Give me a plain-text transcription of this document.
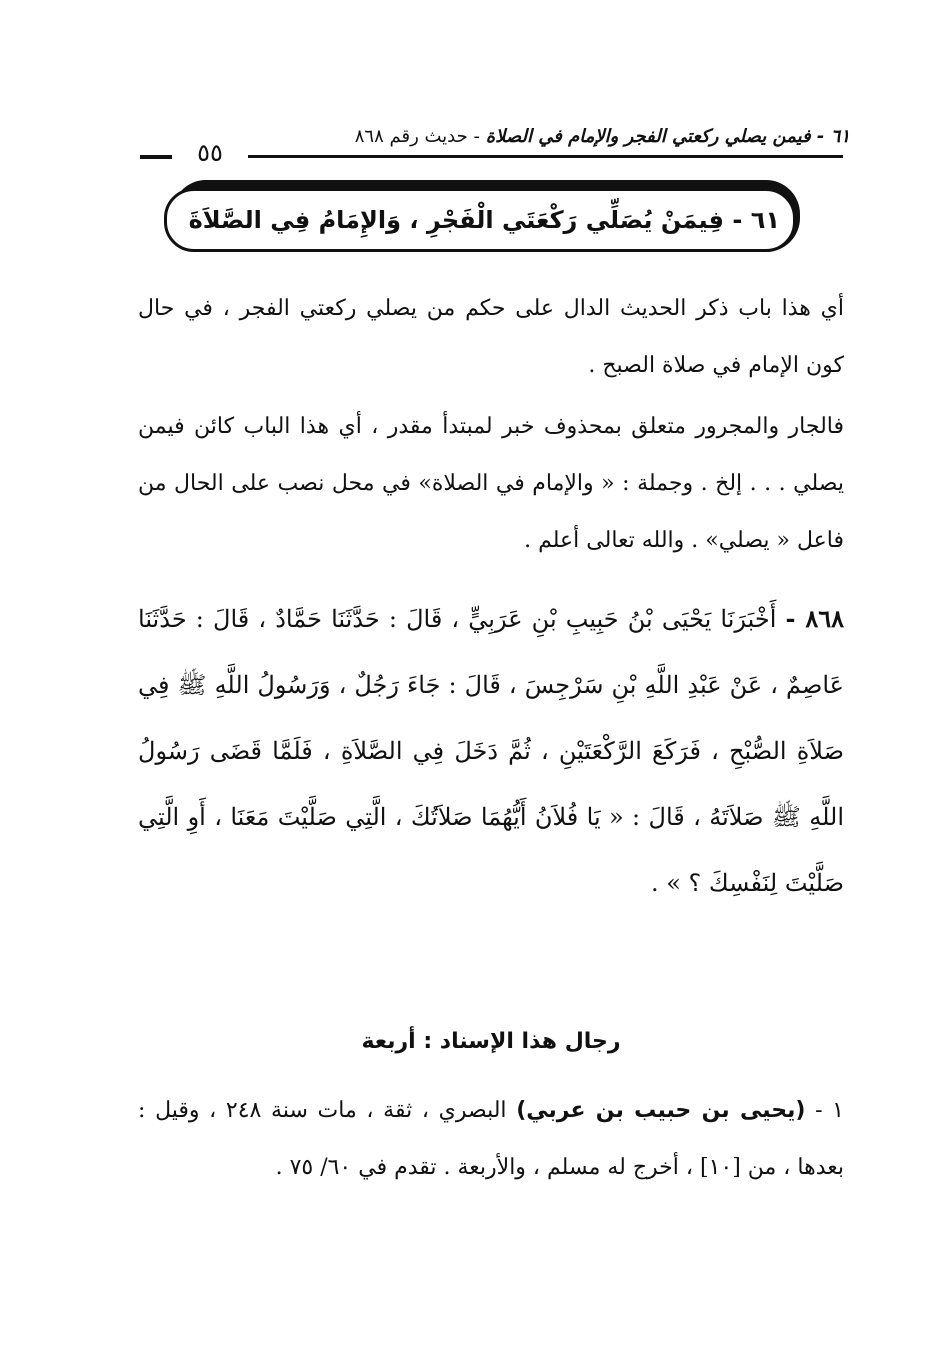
٦١ - فيمن يصلي ركعتي الفجر والإمام في الصلاة - حديث رقم ٨٦٨
٥٥
٦١ - فِيمَنْ يُصَلِّي رَكْعَتَي الْفَجْرِ ، وَالإِمَامُ فِي الصَّلاَةَ

أي هذا باب ذكر الحديث الدال على حكم من يصلي ركعتي الفجر ، في حال كون الإمام في صلاة الصبح .

فالجار والمجرور متعلق بمحذوف خبر لمبتدأ مقدر ، أي هذا الباب كائن فيمن يصلي . . . إلخ . وجملة : « والإمام في الصلاة» في محل نصب على الحال من فاعل « يصلي» . والله تعالى أعلم .

٨٦٨ - أَخْبَرَنَا يَحْيَى بْنُ حَبِيبِ بْنِ عَرَبِيٍّ ، قَالَ : حَدَّثَنَا حَمَّادٌ ، قَالَ : حَدَّثَنَا عَاصِمٌ ، عَنْ عَبْدِ اللَّهِ بْنِ سَرْجِسَ ، قَالَ : جَاءَ رَجُلٌ ، وَرَسُولُ اللَّهِ ﷺ فِي صَلاَةِ الصُّبْحِ ، فَرَكَعَ الرَّكْعَتَيْنِ ، ثُمَّ دَخَلَ فِي الصَّلاَةِ ، فَلَمَّا قَضَى رَسُولُ اللَّهِ ﷺ صَلاَتَهُ ، قَالَ : « يَا فُلاَنُ أَيُّهُمَا صَلاَتُكَ ، الَّتِي صَلَّيْتَ مَعَنَا ، أَوِ الَّتِي صَلَّيْتَ لِنَفْسِكَ ؟ » .

رجال هذا الإسناد : أربعة

١ - (يحيى بن حبيب بن عربي) البصري ، ثقة ، مات سنة ٢٤٨ ، وقيل : بعدها ، من [١٠] ، أخرج له مسلم ، والأربعة . تقدم في ٦٠/ ٧٥ .
